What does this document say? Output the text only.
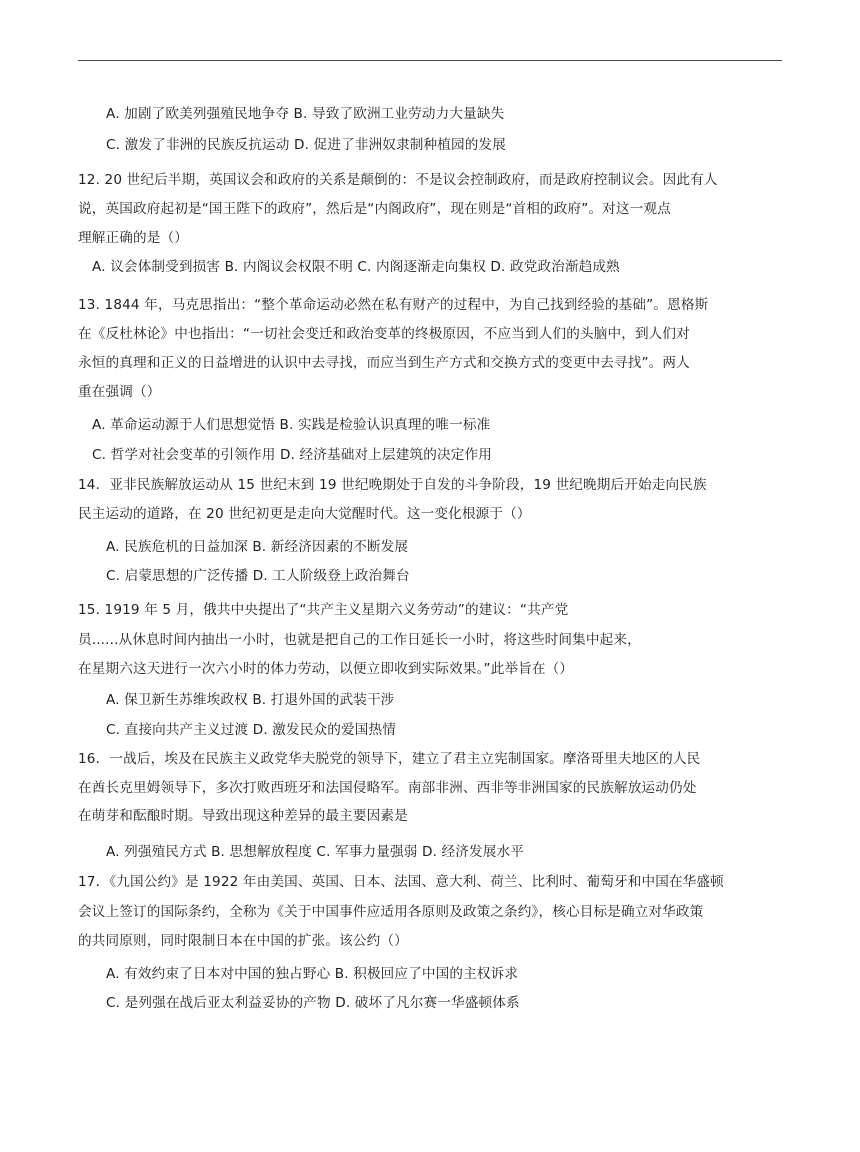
A. 加剧了欧美列强殖民地争夺 B. 导致了欧洲工业劳动力大量缺失
C. 激发了非洲的民族反抗运动 D. 促进了非洲奴隶制种植园的发展
12. 20 世纪后半期，英国议会和政府的关系是颠倒的：不是议会控制政府，而是政府控制议会。因此有人
说，英国政府起初是“国王陛下的政府”，然后是“内阁政府”，现在则是“首相的政府”。对这一观点
理解正确的是（）
A. 议会体制受到损害 B. 内阁议会权限不明 C. 内阁逐渐走向集权 D. 政党政治渐趋成熟
13. 1844 年，马克思指出：“整个革命运动必然在私有财产的过程中，为自己找到经验的基础”。恩格斯
在《反杜林论》中也指出：“一切社会变迁和政治变革的终极原因，不应当到人们的头脑中，到人们对
永恒的真理和正义的日益增进的认识中去寻找，而应当到生产方式和交换方式的变更中去寻找”。两人
重在强调（）
A. 革命运动源于人们思想觉悟 B. 实践是检验认识真理的唯一标准
C. 哲学对社会变革的引领作用 D. 经济基础对上层建筑的决定作用
14．亚非民族解放运动从 15 世纪末到 19 世纪晚期处于自发的斗争阶段，19 世纪晚期后开始走向民族
民主运动的道路，在 20 世纪初更是走向大觉醒时代。这一变化根源于（）
A. 民族危机的日益加深 B. 新经济因素的不断发展
C. 启蒙思想的广泛传播 D. 工人阶级登上政治舞台
15. 1919 年 5 月，俄共中央提出了“共产主义星期六义务劳动”的建议：“共产党
员......从休息时间内抽出一小时，也就是把自己的工作日延长一小时，将这些时间集中起来，
在星期六这天进行一次六小时的体力劳动，以便立即收到实际效果。”此举旨在（）
A. 保卫新生苏维埃政权 B. 打退外国的武装干涉
C. 直接向共产主义过渡 D. 激发民众的爱国热情
16．一战后，埃及在民族主义政党华夫脱党的领导下，建立了君主立宪制国家。摩洛哥里夫地区的人民
在酋长克里姆领导下，多次打败西班牙和法国侵略军。南部非洲、西非等非洲国家的民族解放运动仍处
在萌芽和酝酿时期。导致出现这种差异的最主要因素是
A. 列强殖民方式 B. 思想解放程度 C. 军事力量强弱 D. 经济发展水平
17．《九国公约》是 1922 年由美国、英国、日本、法国、意大利、荷兰、比利时、葡萄牙和中国在华盛顿
会议上签订的国际条约，全称为《关于中国事件应适用各原则及政策之条约》，核心目标是确立对华政策
的共同原则，同时限制日本在中国的扩张。该公约（）
A. 有效约束了日本对中国的独占野心 B. 积极回应了中国的主权诉求
C. 是列强在战后亚太利益妥协的产物 D. 破坏了凡尔赛一华盛顿体系
